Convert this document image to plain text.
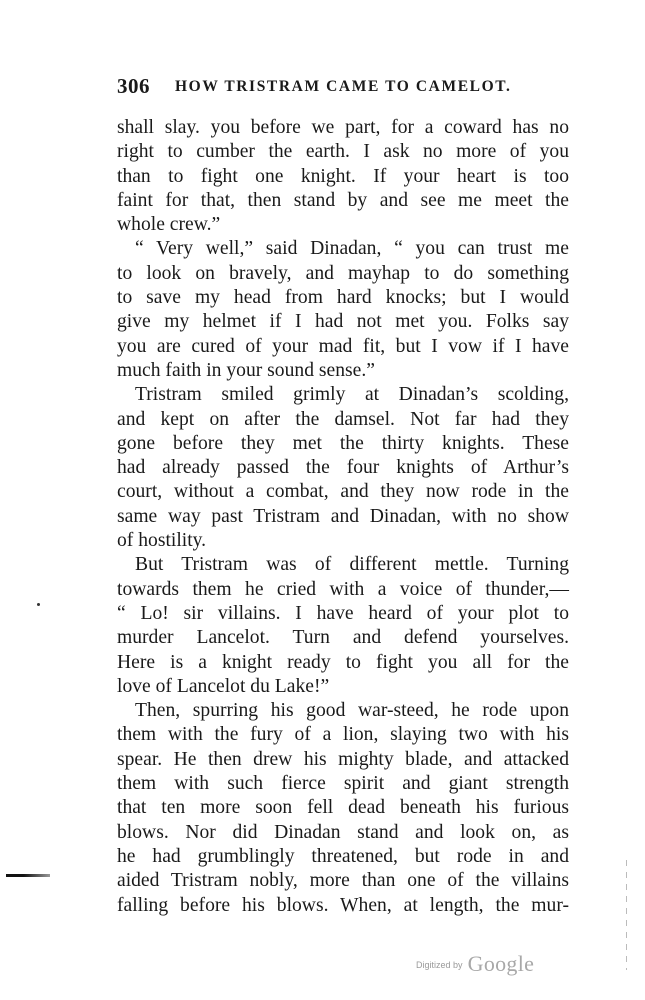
306 HOW TRISTRAM CAME TO CAMELOT.
shall slay. you before we part, for a coward has no
right to cumber the earth. I ask no more of you
than to fight one knight. If your heart is too
faint for that, then stand by and see me meet the
whole crew.”
“ Very well,” said Dinadan, “ you can trust me
to look on bravely, and mayhap to do something
to save my head from hard knocks; but I would
give my helmet if I had not met you. Folks say
you are cured of your mad fit, but I vow if I have
much faith in your sound sense.”
Tristram smiled grimly at Dinadan’s scolding,
and kept on after the damsel. Not far had they
gone before they met the thirty knights. These
had already passed the four knights of Arthur’s
court, without a combat, and they now rode in the
same way past Tristram and Dinadan, with no show
of hostility.
But Tristram was of different mettle. Turning
towards them he cried with a voice of thunder,—
“ Lo! sir villains. I have heard of your plot to
murder Lancelot. Turn and defend yourselves.
Here is a knight ready to fight you all for the
love of Lancelot du Lake!”
Then, spurring his good war-steed, he rode upon
them with the fury of a lion, slaying two with his
spear. He then drew his mighty blade, and attacked
them with such fierce spirit and giant strength
that ten more soon fell dead beneath his furious
blows. Nor did Dinadan stand and look on, as
he had grumblingly threatened, but rode in and
aided Tristram nobly, more than one of the villains
falling before his blows. When, at length, the mur-
Digitized by Google
